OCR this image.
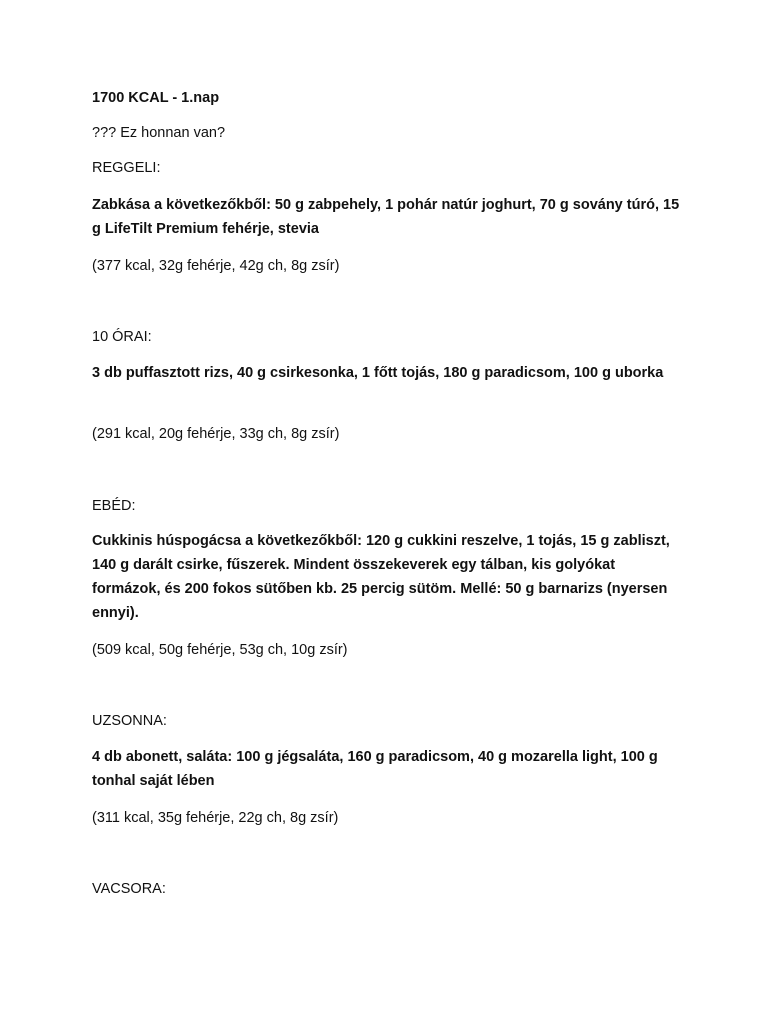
1700 KCAL - 1.nap

??? Ez honnan van?

REGGELI:

Zabkása a következőkből: 50 g zabpehely, 1 pohár natúr joghurt, 70 g sovány túró, 15 g LifeTilt Premium fehérje, stevia

(377 kcal, 32g fehérje, 42g ch, 8g zsír)

10 ÓRAI:

3 db puffasztott rizs, 40 g csirkesonka, 1 főtt tojás, 180 g paradicsom, 100 g uborka

(291 kcal, 20g fehérje, 33g ch, 8g zsír)

EBÉD:

Cukkinis húspogácsa a következőkből: 120 g cukkini reszelve, 1 tojás, 15 g zabliszt, 140 g darált csirke, fűszerek. Mindent összekeverek egy tálban, kis golyókat formázok, és 200 fokos sütőben kb. 25 percig sütöm. Mellé: 50 g barnarizs (nyersen ennyi).

(509 kcal, 50g fehérje, 53g ch, 10g zsír)

UZSONNA:

4 db abonett, saláta: 100 g jégsaláta, 160 g paradicsom, 40 g mozarella light, 100 g tonhal saját lében

(311 kcal, 35g fehérje, 22g ch, 8g zsír)

VACSORA:
